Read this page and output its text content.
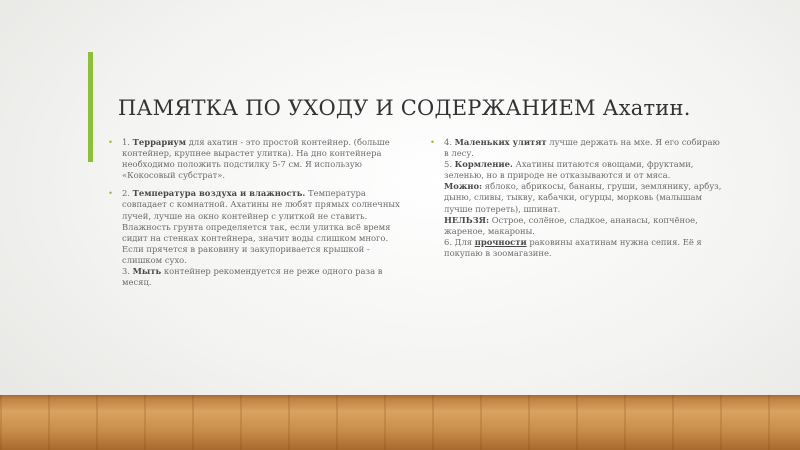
ПАМЯТКА ПО УХОДУ И СОДЕРЖАНИЕМ Ахатин.
• 1. Террариум для ахатин - это простой контейнер. (больше контейнер, крупнее вырастет улитка). На дно контейнера необходимо положить подстилку 5-7 см. Я использую «Кокосовый субстрат».
• 2. Температура воздуха и влажность. Температура совпадает с комнатной. Ахатины не любят прямых солнечных лучей, лучше на окно контейнер с улиткой не ставить. Влажность грунта определяется так, если улитка всё время сидит на стенках контейнера, значит воды слишком много. Если прячется в раковину и закупоривается крышкой - слишком сухо.
3. Мыть контейнер рекомендуется не реже одного раза в месяц.
• 4. Маленьких улитят лучше держать на мхе. Я его собираю в лесу.
5. Кормление. Ахатины питаются овощами, фруктами, зеленью, но в природе не отказываются и от мяса.
Можно: яблоко, абрикосы, бананы, груши, землянику, арбуз, дыню, сливы, тыкву, кабачки, огурцы, морковь (малышам лучше потереть), шпинат.
НЕЛЬЗЯ: Острое, солёное, сладкое, ананасы, копчёное, жареное, макароны.
6. Для прочности раковины ахатинам нужна сепия. Её я покупаю в зоомагазине.
